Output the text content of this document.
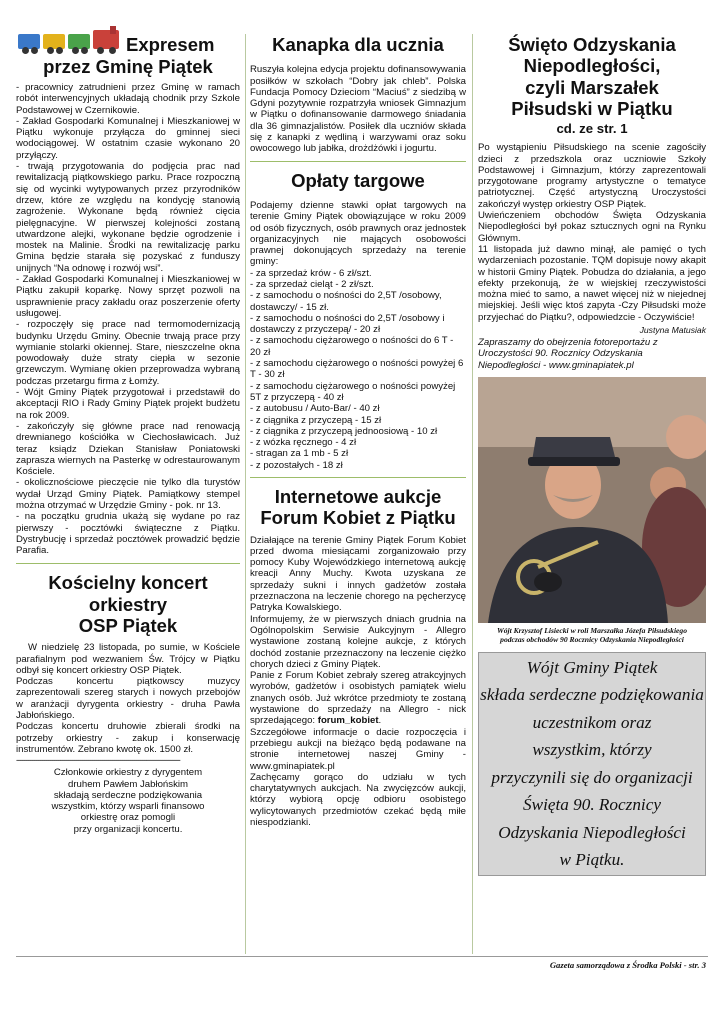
Expresem
przez Gminę Piątek

- pracownicy zatrudnieni przez Gminę w ramach robót interwencyjnych układają chodnik przy Szkole Podstawowej w Czernikowie.
- Zakład Gospodarki Komunalnej i Mieszkaniowej w Piątku wykonuje przyłącza do gminnej sieci wodociągowej. W ostatnim czasie wykonano 20 przyłączy.
- trwają przygotowania do podjęcia prac nad rewitalizacją piątkowskiego parku. Prace rozpoczną się od wycinki wytypowanych przez przyrodników drzew, które ze względu na kondycję stanowią zagrożenie. Wykonane będą również cięcia pielęgnacyjne. W pierwszej kolejności zostaną utwardzone alejki, wykonane będzie ogrodzenie i mostek na Malinie. Środki na rewitalizację parku Gmina będzie starała się pozyskać z funduszy unijnych “Na odnowę i rozwój wsi”.
- Zakład Gospodarki Komunalnej i Mieszkaniowej w Piątku zakupił koparkę. Nowy sprzęt pozwoli na usprawnienie pracy zakładu oraz poszerzenie oferty usługowej.
- rozpoczęły się prace nad termomodernizacją budynku Urzędu Gminy. Obecnie trwają prace przy wymianie stolarki okiennej. Stare, nieszczelne okna powodowały duże straty ciepła w sezonie grzewczym. Wymianę okien przeprowadza wybraną podczas przetargu firma z Łomży.
- Wójt Gminy Piątek przygotował i przedstawił do akceptacji RIO i Rady Gminy Piątek projekt budżetu na rok 2009.
- zakończyły się główne prace nad renowacją drewnianego kościółka w Ciechosławicach. Już teraz ksiądz Dziekan Stanisław Poniatowski zaprasza wiernych na Pasterkę w odrestaurowanym Kościele.
- okolicznościowe pieczęcie nie tylko dla turystów wydał Urząd Gminy Piątek. Pamiątkowy stempel można otrzymać w Urzędzie Gminy - pok. nr 13.
- na początku grudnia ukażą się wydane po raz pierwszy - pocztówki świąteczne z Piątku. Dystrybucję i sprzedaż pocztówek prowadzić będzie Parafia.

Kościelny koncert
orkiestry
OSP Piątek

W niedzielę 23 listopada, po sumie, w Kościele parafialnym pod wezwaniem Św. Trójcy w Piątku odbył się koncert orkiestry OSP Piątek.
Podczas koncertu piątkowscy muzycy zaprezentowali szereg starych i nowych przebojów w aranżacji dyrygenta orkiestry - druha Pawła Jabłońskiego.
Podczas koncertu druhowie zbierali środki na potrzeby orkiestry - zakup i konserwację instrumentów. Zebrano kwotę ok. 1500 zł.

----------------------------------------------------------------------------------

Członkowie orkiestry z dyrygentem
druhem Pawłem Jabłońskim
składają serdeczne podziękowania
wszystkim, którzy wsparli finansowo
orkiestrę oraz pomogli
przy organizacji koncertu.

Kanapka dla ucznia

Ruszyła kolejna edycja projektu dofinansowywania posiłków w szkołach “Dobry jak chleb”. Polska Fundacja Pomocy Dzieciom “Maciuś” z siedzibą w Gdyni pozytywnie rozpatrzyła wniosek Gimnazjum w Piątku o dofinansowanie darmowego śniadania dla 36 gimnazjalistów. Posiłek dla uczniów składa się z kanapki z wędliną i warzywami oraz soku owocowego lub jabłka, drożdżówki i jogurtu.

Opłaty targowe

Podajemy dzienne stawki opłat targowych na terenie Gminy Piątek obowiązujące w roku 2009 od osób fizycznych, osób prawnych oraz jednostek organizacyjnych nie mających osobowości prawnej dokonujących sprzedaży na terenie gminy:

- za sprzedaż krów - 6 zł/szt.
- za sprzedaż cieląt - 2 zł/szt.
- z samochodu o nośności do 2,5T /osobowy, dostawczy/ - 15 zł.
- z samochodu o nośności do 2,5T /osobowy i dostawczy z przyczepą/ - 20 zł
- z samochodu ciężarowego o nośności do 6 T - 20 zł
- z samochodu ciężarowego o nośności powyżej 6 T - 30 zł
- z samochodu ciężarowego o nośności powyżej 5T z przyczepą - 40 zł
- z autobusu / Auto-Bar/ - 40 zł
- z ciągnika z przyczepą - 15 zł
- z ciągnika z przyczepą jednoosiową - 10 zł
- z wózka ręcznego - 4 zł
- stragan za 1 mb - 5 zł
- z pozostałych - 18 zł
Internetowe aukcje
Forum Kobiet z Piątku

Działające na terenie Gminy Piątek Forum Kobiet przed dwoma miesiącami zorganizowało przy pomocy Kuby Wojewódzkiego internetową aukcję kreacji Anny Muchy. Kwota uzyskana ze sprzedaży sukni i innych gadżetów została przeznaczona na leczenie chorego na pęcherzycę Patryka Kowalskiego.
Informujemy, że w pierwszych dniach grudnia na Ogólnopolskim Serwisie Aukcyjnym - Allegro wystawione zostaną kolejne aukcje, z których dochód zostanie przeznaczony na leczenie ciężko chorych dzieci z Gminy Piątek.
Panie z Forum Kobiet zebrały szereg atrakcyjnych wyrobów, gadżetów i osobistych pamiątek wielu znanych osób. Już wkrótce przedmioty te zostaną wystawione do sprzedaży na Allegro - nick sprzedającego: forum_kobiet.
Szczegółowe informacje o dacie rozpoczęcia i przebiegu aukcji na bieżąco będą podawane na stronie internetowej naszej Gminy - www.gminapiatek.pl
Zachęcamy gorąco do udziału w tych charytatywnych aukcjach. Na zwycięzców aukcji, którzy wybiorą opcję odbioru osobistego wylicytowanych przedmiotów czekać będą miłe niespodzianki.

Święto Odzyskania
Niepodległości,
czyli Marszałek
Piłsudski w Piątku
cd. ze str. 1

Po wystąpieniu Piłsudskiego na scenie zagościły dzieci z przedszkola oraz uczniowie Szkoły Podstawowej i Gimnazjum, którzy zaprezentowali przygotowane programy artystyczne o tematyce patriotycznej. Część artystyczną Uroczystości zakończył występ orkiestry OSP Piątek.
Uwieńczeniem obchodów Święta Odzyskania Niepodległości był pokaz sztucznych ogni na Rynku Głównym.
11 listopada już dawno minął, ale pamięć o tych wydarzeniach pozostanie. TQM dopisuje nowy akapit w historii Gminy Piątek. Pobudza do działania, a jego efekty przekonują, że w wiejskiej rzeczywistości można mieć to samo, a nawet więcej niż w niejednej miejskiej. Jeśli więc ktoś zapyta -Czy Piłsudski może przyjechać do Piątku?, odpowiedzcie - Oczywiście!

Justyna Matusiak

Zapraszamy do obejrzenia fotoreportażu z Uroczystości 90. Rocznicy Odzyskania Niepodległości - www.gminapiatek.pl

Wójt Krzysztof Lisiecki w roli Marszałka Józefa Piłsudskiego
podczas obchodów 90 Rocznicy Odzyskania Niepodległości

Wójt Gminy Piątek
składa serdeczne podziękowania
uczestnikom oraz
wszystkim, którzy
przyczynili się do organizacji
Święta 90. Rocznicy
Odzyskania Niepodległości
w Piątku.
Gazeta samorządowa z Środka Polski - str. 3
